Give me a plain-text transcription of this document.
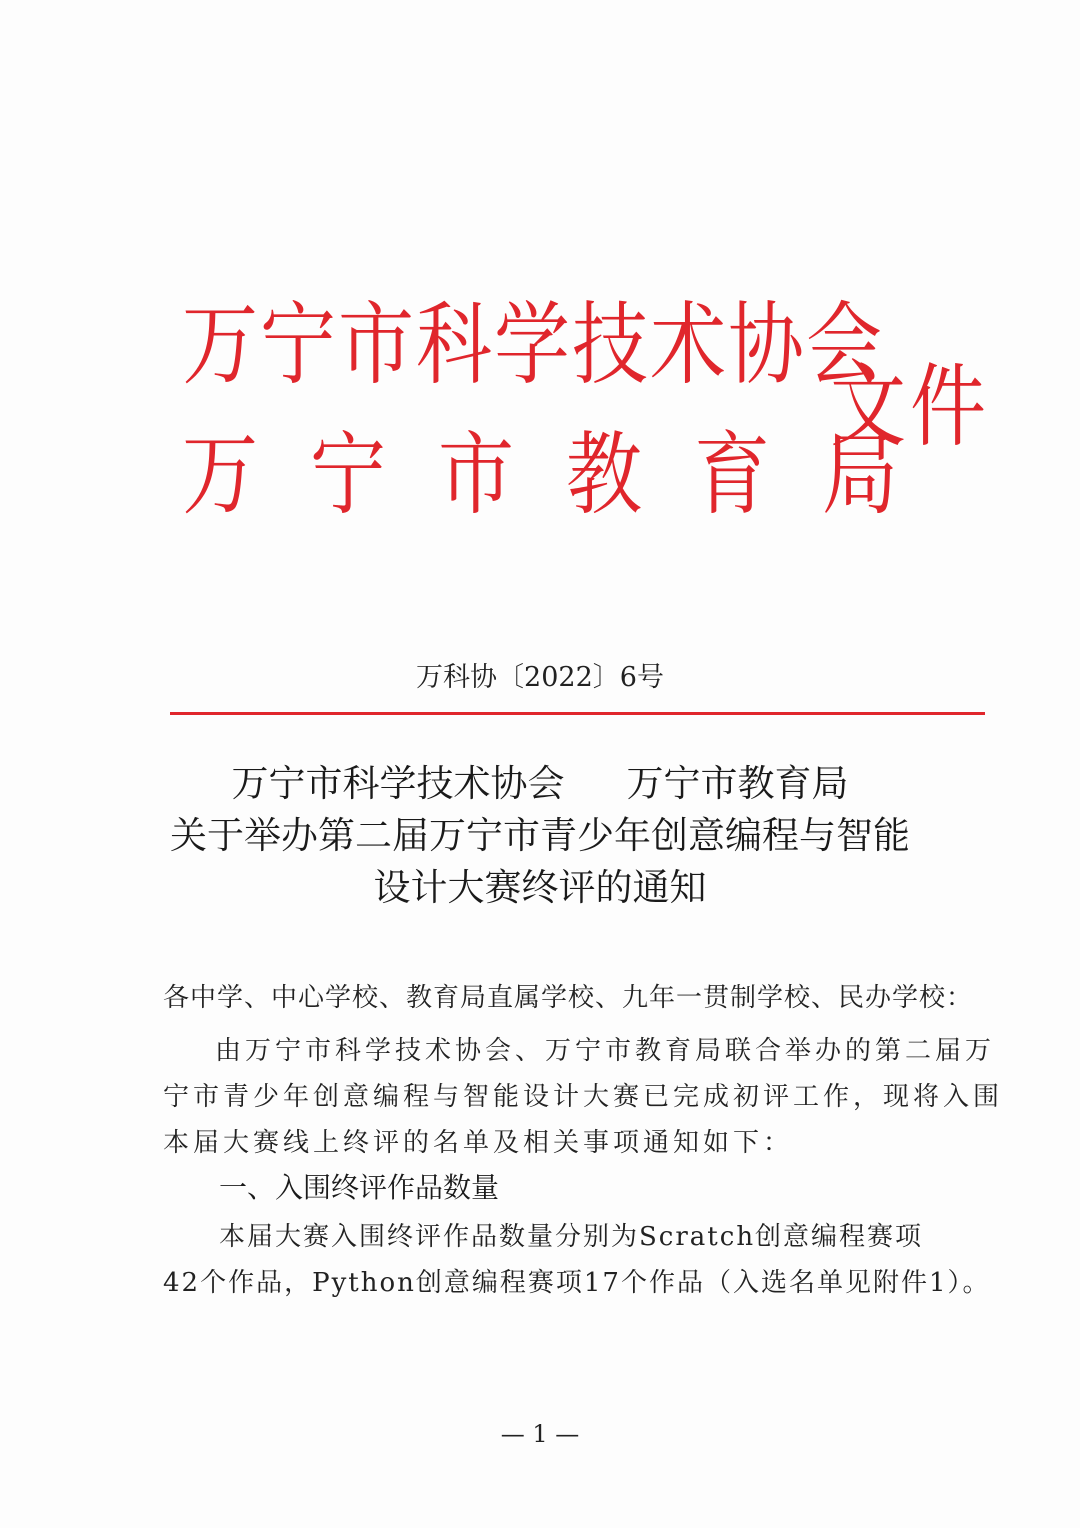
万宁市科学技术协会
万宁市教育局
文件
万科协〔2022〕6号
万宁市科学技术协会 万宁市教育局
关于举办第二届万宁市青少年创意编程与智能
设计大赛终评的通知
各中学、中心学校、教育局直属学校、九年一贯制学校、民办学校：
由万宁市科学技术协会、万宁市教育局联合举办的第二届万
宁市青少年创意编程与智能设计大赛已完成初评工作，现将入围
本届大赛线上终评的名单及相关事项通知如下：
一、入围终评作品数量
本届大赛入围终评作品数量分别为Scratch创意编程赛项
42个作品，Python创意编程赛项17个作品（入选名单见附件1）。
— 1 —
